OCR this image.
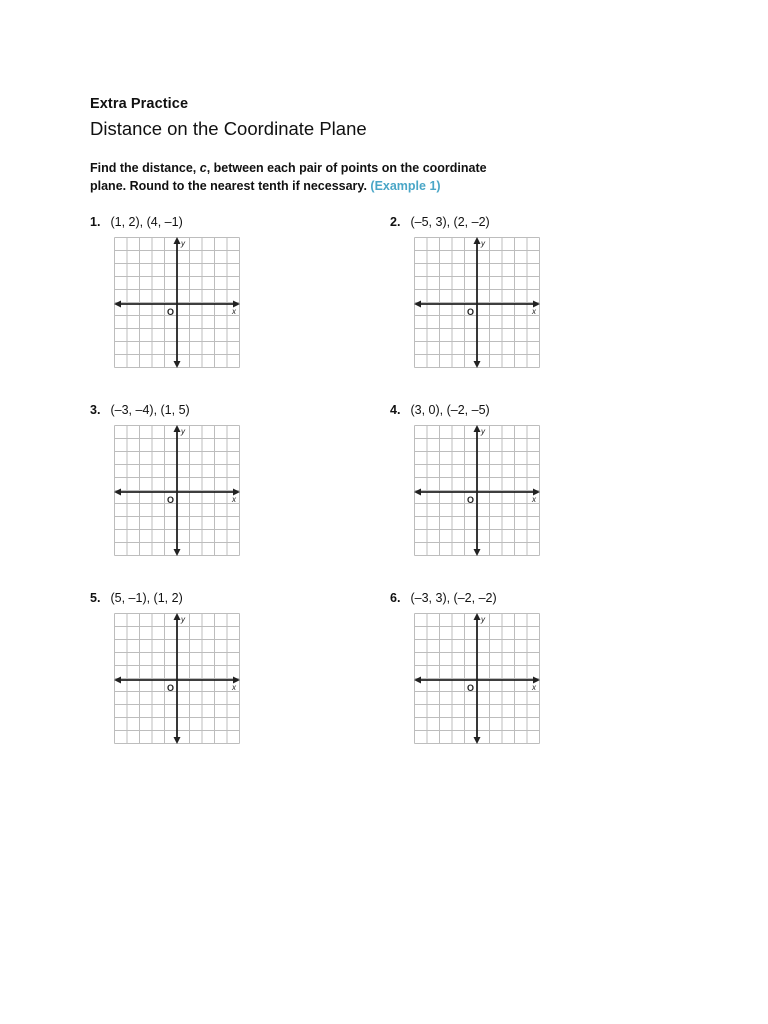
Extra Practice
Distance on the Coordinate Plane
Find the distance, c, between each pair of points on the coordinate plane. Round to the nearest tenth if necessary. (Example 1)
1. (1, 2), (4, –1)
x
y
O
2. (–5, 3), (2, –2)
x
y
O
3. (–3, –4), (1, 5)
x
y
O
4. (3, 0), (–2, –5)
x
y
O
5. (5, –1), (1, 2)
x
y
O
6. (–3, 3), (–2, –2)
x
y
O
